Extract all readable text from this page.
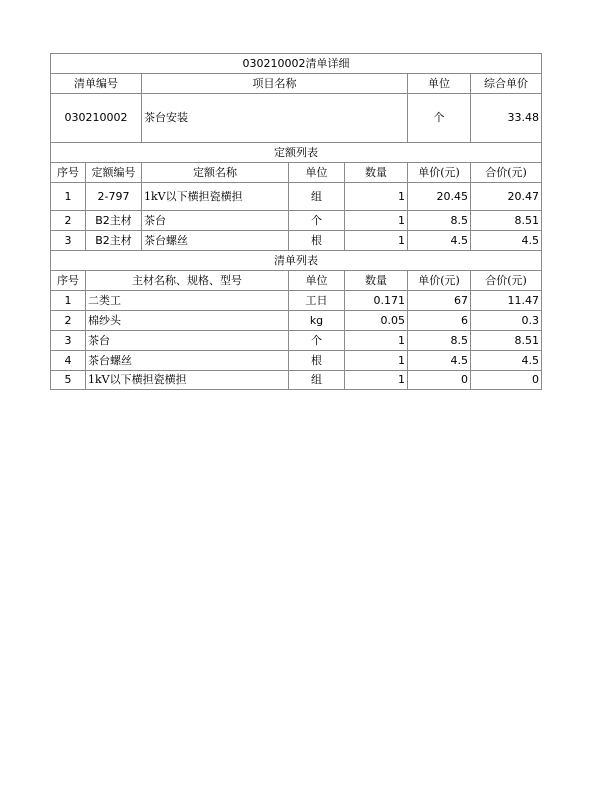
030210002清单详细						
清单编号		项目名称			单位	综合单价
030210002		茶台安装			个	33.48
定额列表						
序号	定额编号	定额名称	单位	数量	单价(元)	合价(元)
1	2-797	1kV以下横担瓷横担	组	1	20.45	20.47
2	B2主材	茶台	个	1	8.5	8.51
3	B2主材	茶台螺丝	根	1	4.5	4.5
清单列表						
序号	主材名称、规格、型号		单位	数量	单价(元)	合价(元)
1	二类工		工日	0.171	67	11.47
2	棉纱头		kg	0.05	6	0.3
3	茶台		个	1	8.5	8.51
4	茶台螺丝		根	1	4.5	4.5
5	1kV以下横担瓷横担		组	1	0	0
